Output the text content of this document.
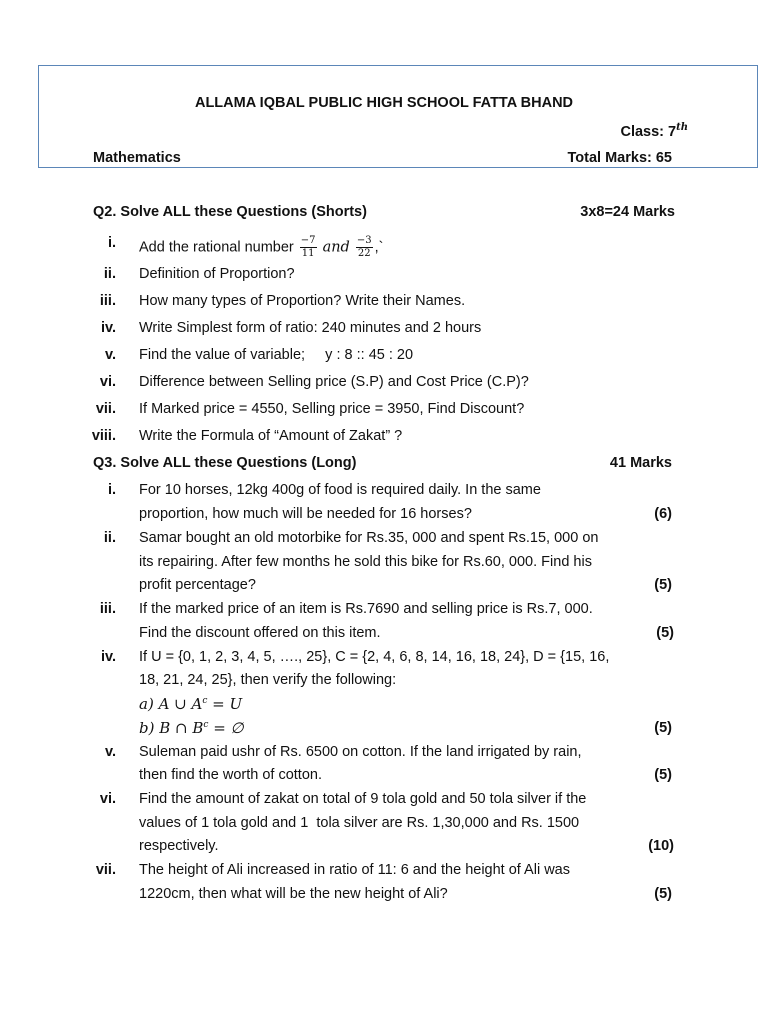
ALLAMA IQBAL PUBLIC HIGH SCHOOL FATTA BHAND
Class: 7th
Mathematics	Total Marks: 65
Q2. Solve ALL these Questions (Shorts)	3x8=24 Marks
i. Add the rational number $\frac{-7}{11}$ and $\frac{-3}{22}$ ,`
ii. Definition of Proportion?
iii. How many types of Proportion? Write their Names.
iv. Write Simplest form of ratio: 240 minutes and 2 hours
v. Find the value of variable;     y : 8 :: 45 : 20
vi. Difference between Selling price (S.P) and Cost Price (C.P)?
vii. If Marked price = 4550, Selling price = 3950, Find Discount?
viii. Write the Formula of “Amount of Zakat” ?
Q3. Solve ALL these Questions (Long)	41 Marks
i. For 10 horses, 12kg 400g of food is required daily. In the same
proportion, how much will be needed for 16 horses?	(6)
ii. Samar bought an old motorbike for Rs.35, 000 and spent Rs.15, 000 on
its repairing. After few months he sold this bike for Rs.60, 000. Find his
profit percentage?	(5)
iii. If the marked price of an item is Rs.7690 and selling price is Rs.7, 000.
Find the discount offered on this item.	(5)
iv. If U = {0, 1, 2, 3, 4, 5, …., 25}, C = {2, 4, 6, 8, 14, 16, 18, 24}, D = {15, 16,
18, 21, 24, 25}, then verify the following:
a) A ∪ $A^c = U$
b) B ∩ $B^c$ = ∅	(5)
v. Suleman paid ushr of Rs. 6500 on cotton. If the land irrigated by rain,
then find the worth of cotton.	(5)
vi. Find the amount of zakat on total of 9 tola gold and 50 tola silver if the
values of 1 tola gold and 1  tola silver are Rs. 1,30,000 and Rs. 1500
respectively.	(10)
vii. The height of Ali increased in ratio of 11: 6 and the height of Ali was
1220cm, then what will be the new height of Ali?	(5)
